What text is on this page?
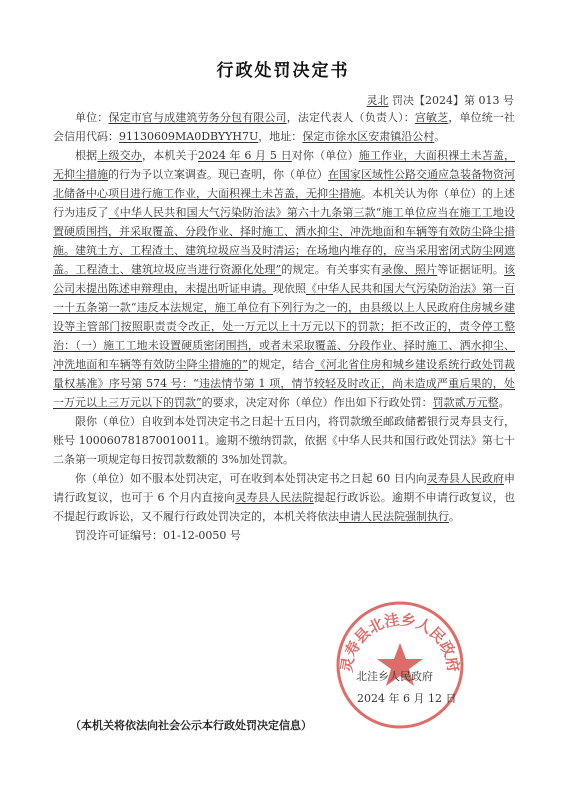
行政处罚决定书
灵北 罚决【2024】第 013 号

单位：保定市官与成建筑劳务分包有限公司，法定代表人（负责人）：宫敏芝，单位统一社会信用代码：91130609MA0DBYYH7U，地址：保定市徐水区安肃镇沿公村。

根据上级交办，本机关于2024 年 6 月 5 日对你（单位）施工作业，大面积裸土未苫盖，无抑尘措施的行为予以立案调查。现已查明，你（单位）在国家区域性公路交通应急装备物资河北储备中心项目进行施工作业，大面积裸土未苫盖，无抑尘措施。本机关认为你（单位）的上述行为违反了《中华人民共和国大气污染防治法》第六十九条第三款“施工单位应当在施工工地设置硬质围挡，并采取覆盖、分段作业、择时施工、洒水抑尘、冲洗地面和车辆等有效防尘降尘措施。建筑土方、工程渣土、建筑垃圾应当及时清运；在场地内堆存的，应当采用密闭式防尘网遮盖。工程渣土、建筑垃圾应当进行资源化处理”的规定。有关事实有录像、照片等证据证明。该公司未提出陈述申辩理由，未提出听证申请。现依照《中华人民共和国大气污染防治法》第一百一十五条第一款“违反本法规定，施工单位有下列行为之一的，由县级以上人民政府住房城乡建设等主管部门按照职责责令改正，处一万元以上十万元以下的罚款；拒不改正的，责令停工整治：（一）施工工地未设置硬质密闭围挡，或者未采取覆盖、分段作业、择时施工、洒水抑尘、冲洗地面和车辆等有效防尘降尘措施的”的规定，结合《河北省住房和城乡建设系统行政处罚裁量权基准》序号第 574 号：“违法情节第 1 项，情节较轻及时改正，尚未造成严重后果的，处一万元以上三万元以下的罚款”的要求，决定对你（单位）作出如下行政处罚：罚款贰万元整。

限你（单位）自收到本处罚决定书之日起十五日内，将罚款缴至邮政储蓄银行灵寿县支行，账号 100060781870010011。逾期不缴纳罚款，依据《中华人民共和国行政处罚法》第七十二条第一项规定每日按罚款数额的 3%加处罚款。

你（单位）如不服本处罚决定，可在收到本处罚决定书之日起 60 日内向灵寿县人民政府申请行政复议，也可于 6 个月内直接向灵寿县人民法院提起行政诉讼。逾期不申请行政复议，也不提起行政诉讼，又不履行行政处罚决定的，本机关将依法申请人民法院强制执行。

罚没许可证编号：01-12-0050 号

灵寿县北洼乡人民政府
北洼乡人民政府
2024 年 6 月 12 日
（本机关将依法向社会公示本行政处罚决定信息）
